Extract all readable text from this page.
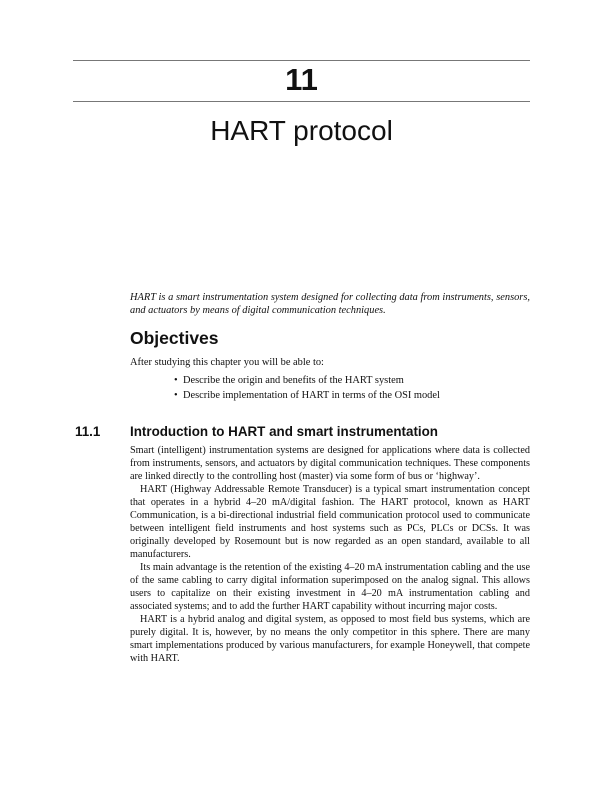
11
HART protocol

HART is a smart instrumentation system designed for collecting data from instruments, sensors, and actuators by means of digital communication techniques.

Objectives

After studying this chapter you will be able to:

• Describe the origin and benefits of the HART system
• Describe implementation of HART in terms of the OSI model
11.1 Introduction to HART and smart instrumentation

Smart (intelligent) instrumentation systems are designed for applications where data is collected from instruments, sensors, and actuators by digital communication techniques. These components are linked directly to the controlling host (master) via some form of bus or ‘highway’.

HART (Highway Addressable Remote Transducer) is a typical smart instrumentation concept that operates in a hybrid 4–20 mA/digital fashion. The HART protocol, known as HART Communication, is a bi-directional industrial field communication protocol used to communicate between intelligent field instruments and host systems such as PCs, PLCs or DCSs. It was originally developed by Rosemount but is now regarded as an open standard, available to all manufacturers.

Its main advantage is the retention of the existing 4–20 mA instrumentation cabling and the use of the same cabling to carry digital information superimposed on the analog signal. This allows users to capitalize on their existing investment in 4–20 mA instrumentation cabling and associated systems; and to add the further HART capability without incurring major costs.

HART is a hybrid analog and digital system, as opposed to most field bus systems, which are purely digital. It is, however, by no means the only competitor in this sphere. There are many smart implementations produced by various manufacturers, for example Honeywell, that compete with HART.
